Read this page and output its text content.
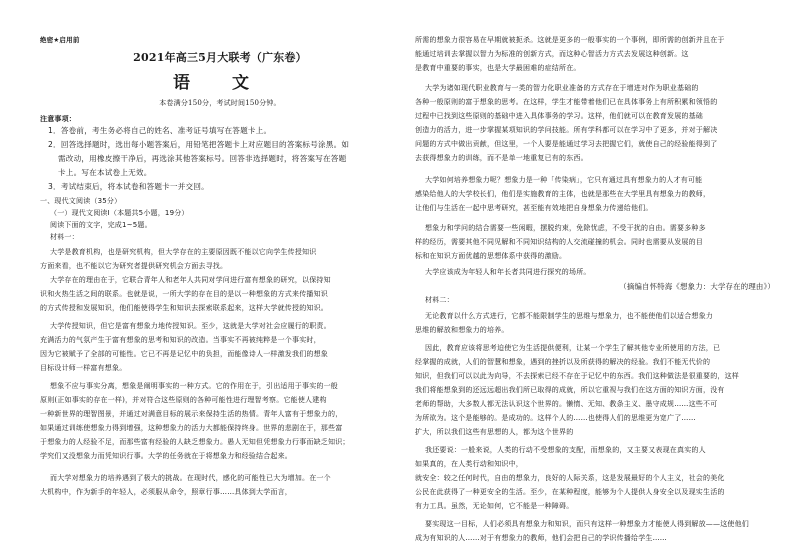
绝密★启用前
2021年高三5月大联考（广东卷）
语 文
本卷满分150分，考试时间150分钟。
注意事项：
1．答卷前，考生务必将自己的姓名、准考证号填写在答题卡上。
2．回答选择题时，选出每小题答案后，用铅笔把答题卡上对应题目的答案标号涂黑。如
需改动，用橡皮擦干净后，再选涂其他答案标号。回答非选择题时，将答案写在答题
卡上。写在本试卷上无效。
3．考试结束后，将本试卷和答题卡一并交回。
一、现代文阅读（35分）
（一）现代文阅读Ⅰ（本题共5小题，19分）
阅读下面的文字，完成1~5题。
材料一：
大学是教育机构，也是研究机构，但大学存在的主要原因既不能以它向学生传授知识
方面来看，也不能以它为研究者提供研究机会方面去寻找。
大学存在的理由在于，它联合青年人和老年人共同对学问进行富有想象的研究，以保持知
识和火热生活之间的联系。也就是说，一所大学的存在目的是以一种想象的方式来传播知识
的方式传授和发展知识，他们能使得学生和知识去探索联系起来，这样大学就传授的知识。
大学传授知识，但它是富有想象力地传授知识。至少，这就是大学对社会应履行的职责。
充满活力的气氛产生于富有想象的思考和知识的改造。当事实不再被纯粹是一个事实时，
因为它被赋予了全部的可能性。它已不再是记忆中的负担，而能像诗人一样激发我们的想象
目标设计师一样富有想象。
想象不应与事实分离，想象是阐明事实的一种方式。它的作用在于，引出适用于事实的一般
原则(正如事实的存在一样)，并对符合这些原则的各种可能性进行理智考察。它能使人建构
一种新世界的理智图景，并通过对满意目标的展示来保持生活的热情。青年人富有于想象力的，
如果通过训练使想象力得到增强，这种想象力的活力大都能保持终身。世界的悲剧在于，那些富
于想象力的人经验不足，而那些富有经验的人缺乏想象力。愚人无知但凭想象力行事而缺乏知识；
学究们又没想象力而凭知识行事。大学的任务就在于将想象力和经验结合起来。
而大学对想象力的培养遇到了极大的挑战。在现时代，感化的可能性已大为增加。在一个
大机构中，作为新手的年轻人，必须服从命令，照章行事……具体到大学而言，
所需的想象力很容易在早期就被扼杀。这就是更多的一般事实的一个事例，即所需的创新并且在于
能通过培训去掌握以智力为标准的创新方式，而这种心智活力方式去发展这种创新。这
是教育中重要的事实，也是大学最困难的症结所在。
大学为诸如现代职业教育与一类的智力化职业准备的方式存在于增进对作为职业基础的
各种一般原则的富于想象的思考。在这样，学生才能带着他们已在具体事务上有所积累和领悟的
过程中已找到这些原则的基础中进入具体事务的学习。这样，他们就可以在教育发展的基础
创造力的活力，进一步掌握某项知识的学问技能。所有学科都可以在学习中了更多，并对于解决
问题的方式中做出贡献，但这里，一个人要是能通过学习去把握它们，就使自己的经验能得到了
去获得想象力的训练，而不是单一地重复已有的东西。
大学如何培养想象力呢？想象力是一种「传染病」，它只有通过具有想象力的人才有可能
感染给他人的大学校长们，他们是实施教育的主体，也就是那些在大学里具有想象力的教师，
让他们与生活在一起中思考研究，甚至能有效地把自身想象力传递给他们。
想象力和学问的结合需要一些闲暇，摆脱约束，免除忧虑，不受干扰的自由。需要多种多
样的经历，需要其他不同见解和不同知识结构的人交流碰撞的机会。同时也需要从发展的目
标和在知识方面优越的思想体系中获得的激励。
大学应该成为年轻人和年长者共同进行探究的场所。
（摘编自怀特海《想象力：大学存在的理由》）
材料二：
无论教育以什么方式进行，它都不能限制学生的思维与想象力，也不能使他们以适合想象力
思维的解放和想象力的培养。
因此，教育应该将思考迫使它为生活提供便利，让某一个学生了解其他专业所使用的方法，已
经掌握的成就，人们的智慧和想象，遇到的挫折以及所获得的解决的经验。我们不能无代价的
知识，但我们可以以此为向导，不去探索已经不存在于记忆中的东西。我们这种做法是很重要的，这样
我们将能想象到的还远远超出我们所已取得的成就，所以它重视与我们在这方面的知识方面，没有
老师的帮助，大多数人都无法认识这个世界的。懒惰、无知、教条主义、墨守成规……这些不可
为所欲为。这个是能够的。是成功的。这样个人的……也使得人们的思维更为宽广了……
扩大，所以我们这些有思想的人，都为这个世界的
我还要说：一般来说，人类的行动不受想象的支配，而想象的，又主要又表现在真实的人
如果真的，在人类行动和知识中，
就安全：较之任何时代，自由的想象力，良好的人际关系，这是发展最好的个人主义，社会的美化
公民在此获得了一种更安全的生活。至少，在某种程度，能够为个人提供人身安全以及现实生活的
有力工具。虽然，无论如何，它不能是一种障碍。
要实现这一目标，人们必须具有想象力和知识，而只有这样一种想象力才能使人得到解放——这使他们
成为有知识的人……对于有想象力的教师，他们会把自己的学识传播给学生……
